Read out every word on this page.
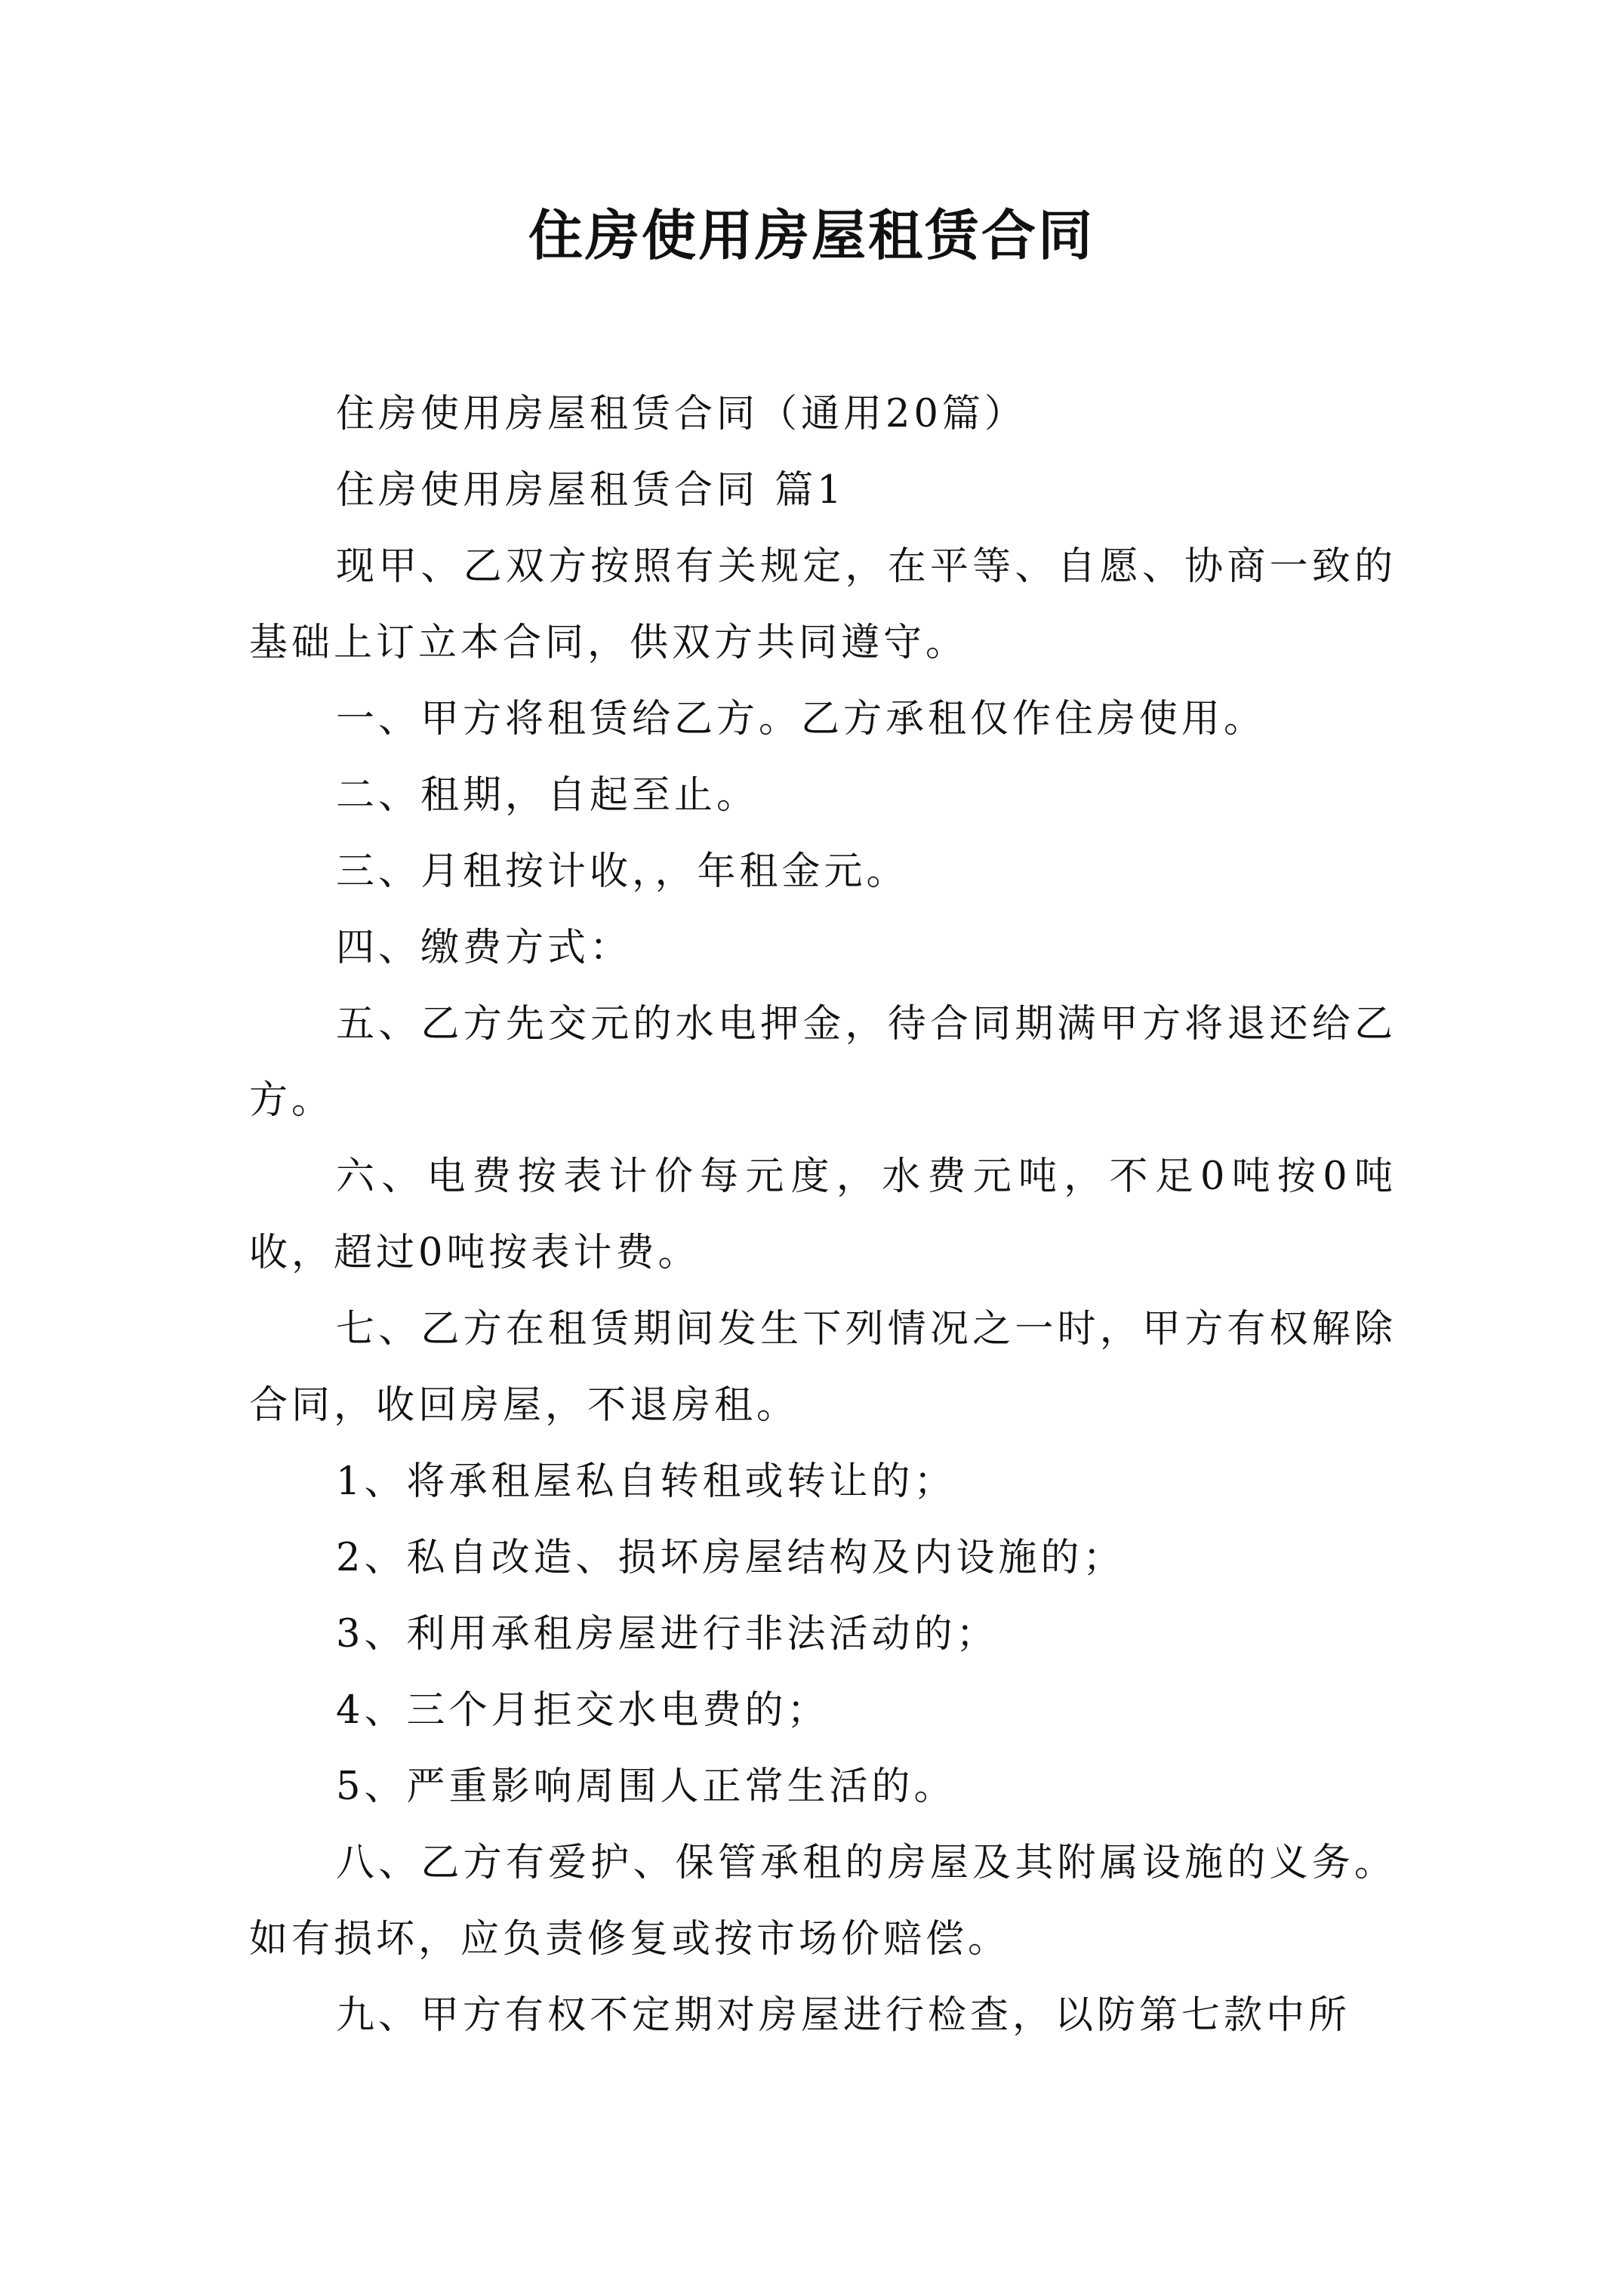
住房使用房屋租赁合同

住房使用房屋租赁合同（通用20篇）

住房使用房屋租赁合同 篇1

现甲、乙双方按照有关规定，在平等、自愿、协商一致的基础上订立本合同，供双方共同遵守。

一、甲方将租赁给乙方。乙方承租仅作住房使用。

二、租期，自起至止。

三、月租按计收，，年租金元。

四、缴费方式：

五、乙方先交元的水电押金，待合同期满甲方将退还给乙方。

六、电费按表计价每元度，水费元吨，不足0吨按0吨收，超过0吨按表计费。

七、乙方在租赁期间发生下列情况之一时，甲方有权解除合同，收回房屋，不退房租。

1、将承租屋私自转租或转让的；

2、私自改造、损坏房屋结构及内设施的；

3、利用承租房屋进行非法活动的；

4、三个月拒交水电费的；

5、严重影响周围人正常生活的。

八、乙方有爱护、保管承租的房屋及其附属设施的义务。如有损坏，应负责修复或按市场价赔偿。

九、甲方有权不定期对房屋进行检查，以防第七款中所
